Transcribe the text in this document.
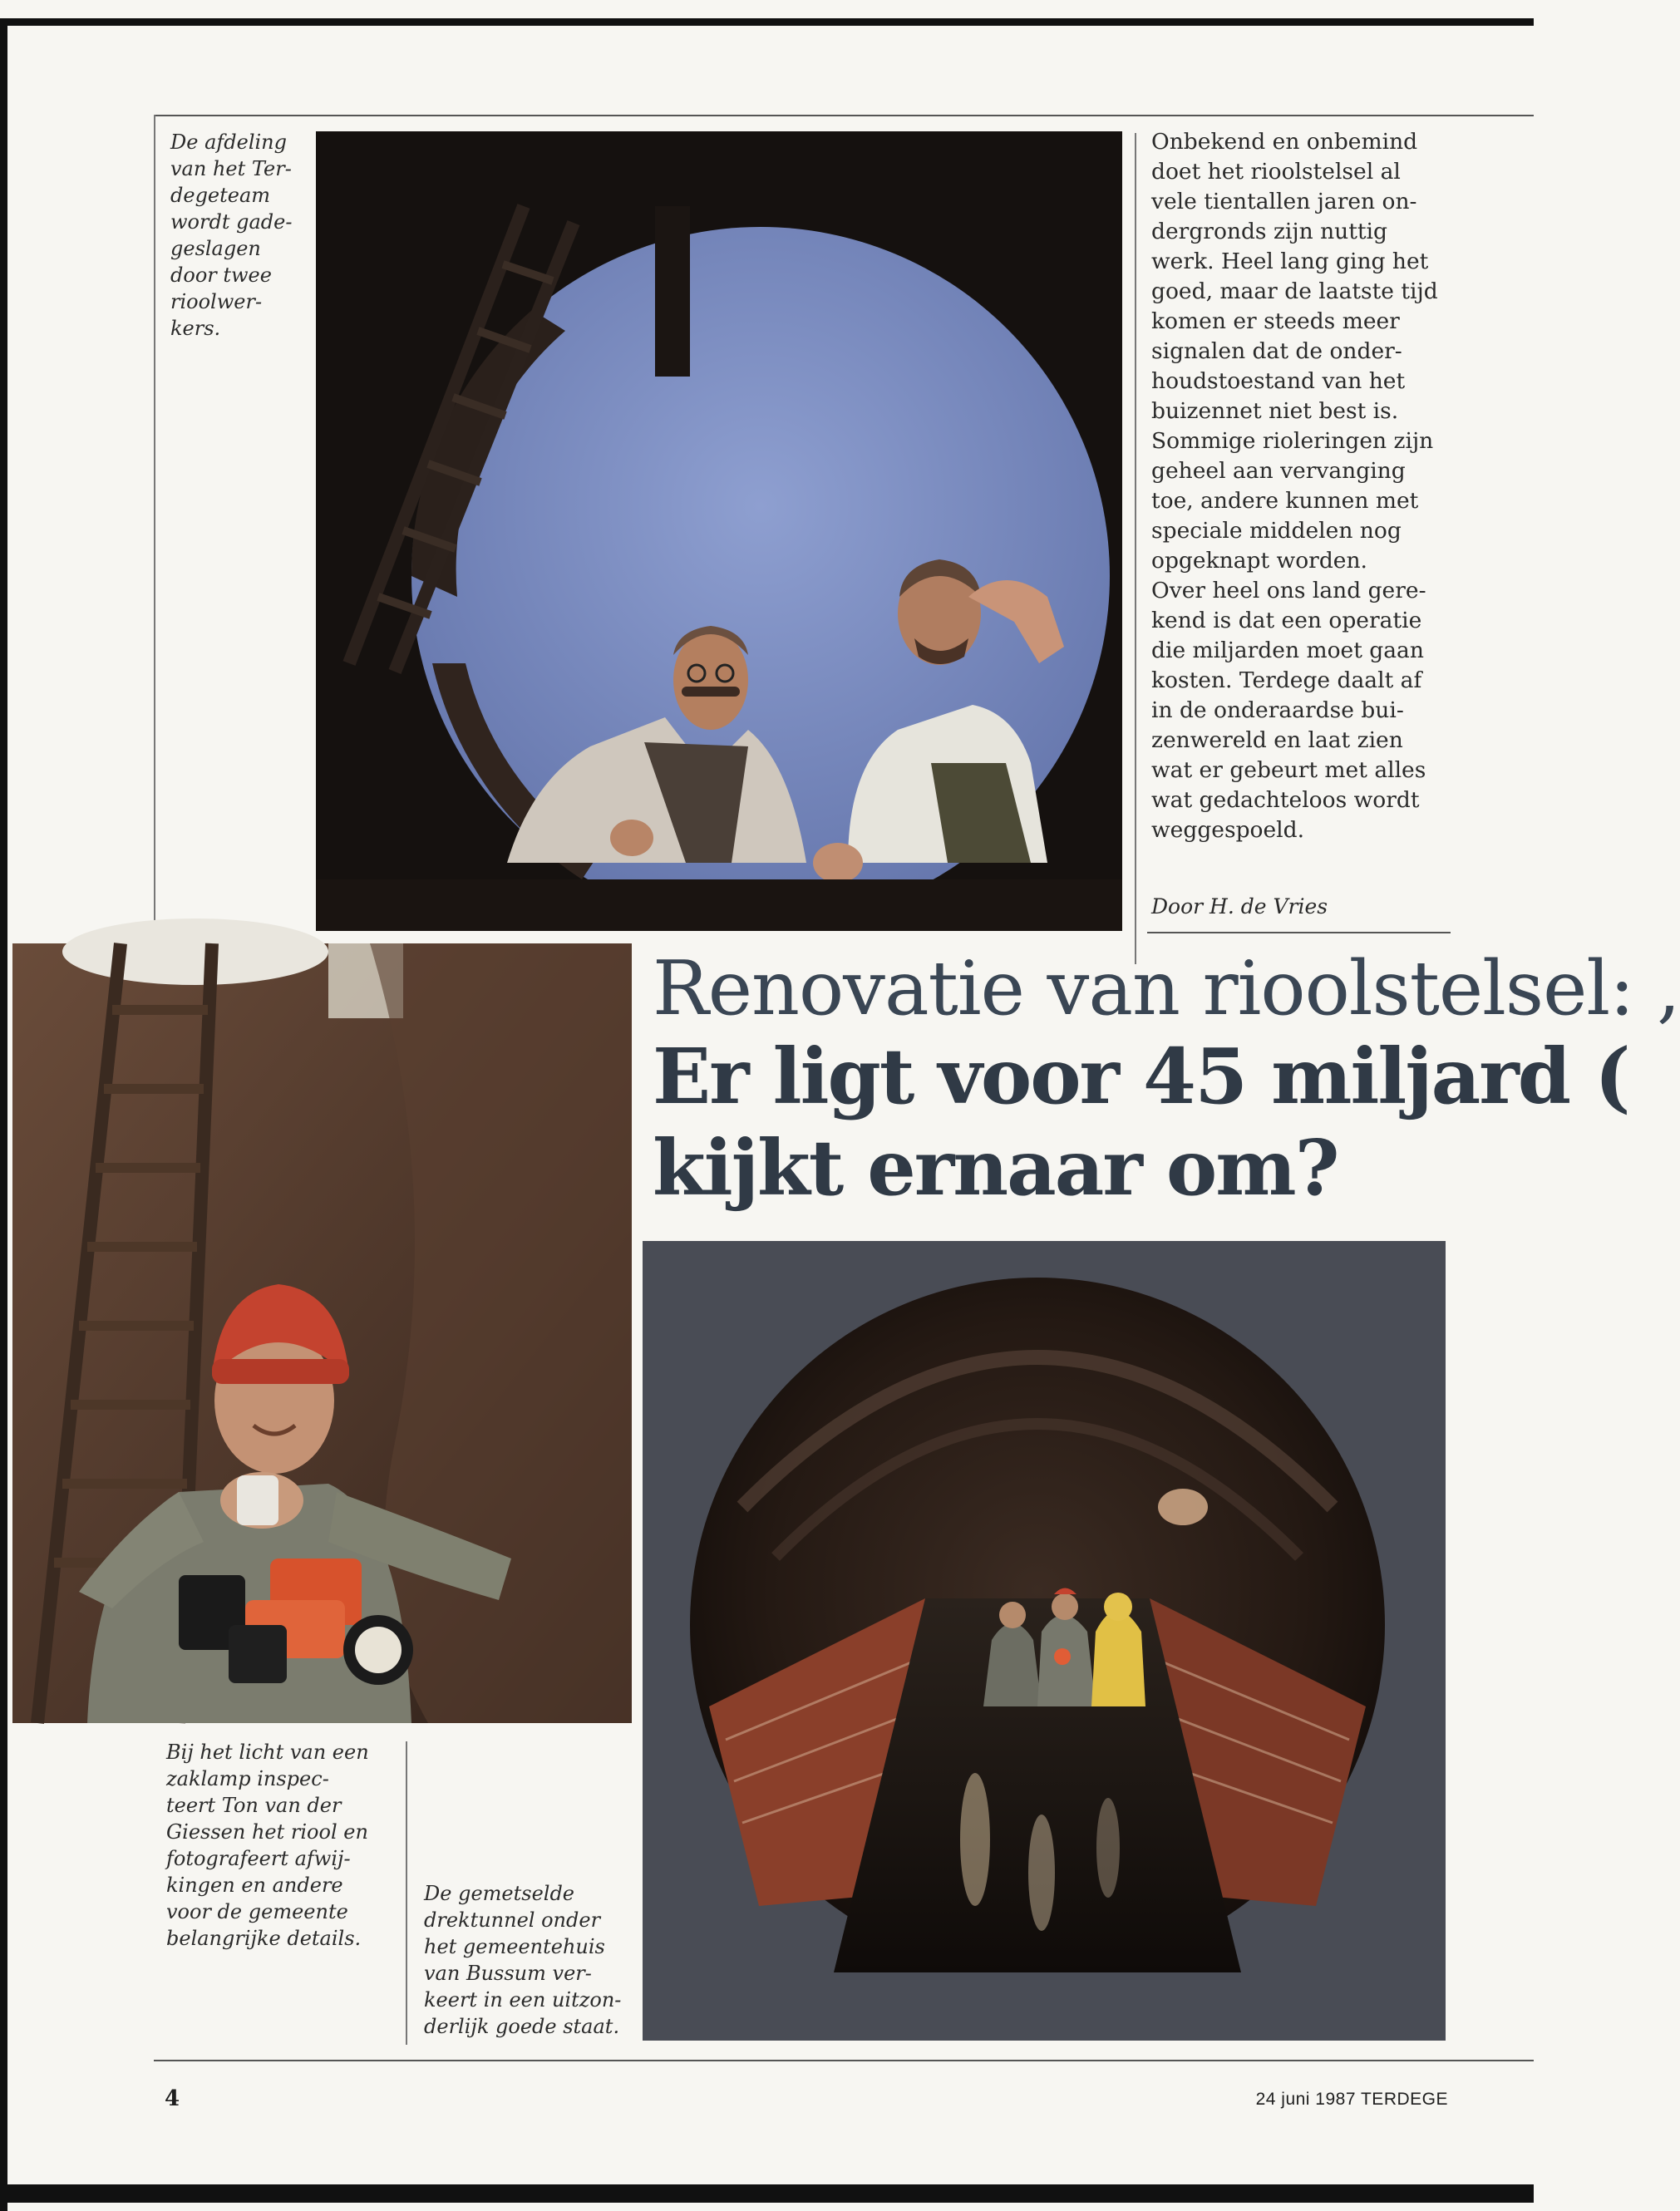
De afdeling
van het Ter-
degeteam
wordt gade-
geslagen
door twee
rioolwer-
kers.
Onbekend en onbemind
doet het rioolstelsel al
vele tientallen jaren on-
dergronds zijn nuttig
werk. Heel lang ging het
goed, maar de laatste tijd
komen er steeds meer
signalen dat de onder-
houdstoestand van het
buizennet niet best is.
Sommige rioleringen zijn
geheel aan vervanging
toe, andere kunnen met
speciale middelen nog
opgeknapt worden.
Over heel ons land gere-
kend is dat een operatie
die miljarden moet gaan
kosten. Terdege daalt af
in de onderaardse bui-
zenwereld en laat zien
wat er gebeurt met alles
wat gedachteloos wordt
weggespoeld.
Door H. de Vries
Bij het licht van een
zaklamp inspec-
teert Ton van der
Giessen het riool en
fotografeert afwij-
kingen en andere
voor de gemeente
belangrijke details.
De gemetselde
drektunnel onder
het gemeentehuis
van Bussum ver-
keert in een uitzon-
derlijk goede staat.
Renovatie van rioolstelsel: ,
Er ligt voor 45 miljard (
kijkt ernaar om?
4	24 juni 1987 TERDEGE
